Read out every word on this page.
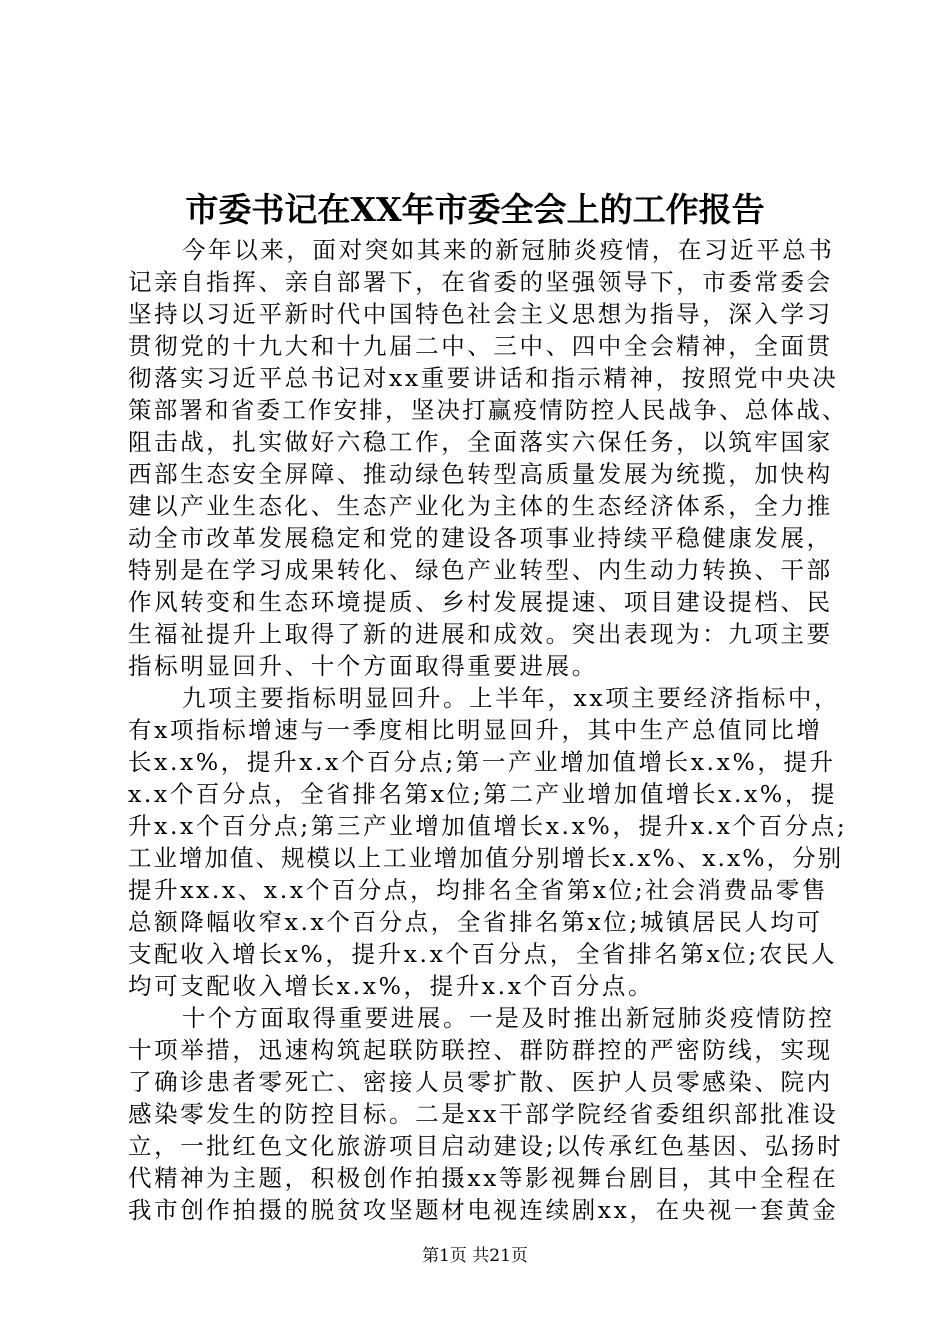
市委书记在XX年市委全会上的工作报告
今年以来，面对突如其来的新冠肺炎疫情，在习近平总书
记亲自指挥、亲自部署下，在省委的坚强领导下，市委常委会
坚持以习近平新时代中国特色社会主义思想为指导，深入学习
贯彻党的十九大和十九届二中、三中、四中全会精神，全面贯
彻落实习近平总书记对xx重要讲话和指示精神，按照党中央决
策部署和省委工作安排，坚决打赢疫情防控人民战争、总体战、
阻击战，扎实做好六稳工作，全面落实六保任务，以筑牢国家
西部生态安全屏障、推动绿色转型高质量发展为统揽，加快构
建以产业生态化、生态产业化为主体的生态经济体系，全力推
动全市改革发展稳定和党的建设各项事业持续平稳健康发展，
特别是在学习成果转化、绿色产业转型、内生动力转换、干部
作风转变和生态环境提质、乡村发展提速、项目建设提档、民
生福祉提升上取得了新的进展和成效。突出表现为：九项主要
指标明显回升、十个方面取得重要进展。
九项主要指标明显回升。上半年，xx项主要经济指标中，
有x项指标增速与一季度相比明显回升，其中生产总值同比增
长x.x%，提升x.x个百分点;第一产业增加值增长x.x%，提升
x.x个百分点，全省排名第x位;第二产业增加值增长x.x%，提
升x.x个百分点;第三产业增加值增长x.x%，提升x.x个百分点;
工业增加值、规模以上工业增加值分别增长x.x%、x.x%，分别
提升xx.x、x.x个百分点，均排名全省第x位;社会消费品零售
总额降幅收窄x.x个百分点，全省排名第x位;城镇居民人均可
支配收入增长x%，提升x.x个百分点，全省排名第x位;农民人
均可支配收入增长x.x%，提升x.x个百分点。
十个方面取得重要进展。一是及时推出新冠肺炎疫情防控
十项举措，迅速构筑起联防联控、群防群控的严密防线，实现
了确诊患者零死亡、密接人员零扩散、医护人员零感染、院内
感染零发生的防控目标。二是xx干部学院经省委组织部批准设
立，一批红色文化旅游项目启动建设;以传承红色基因、弘扬时
代精神为主题，积极创作拍摄xx等影视舞台剧目，其中全程在
我市创作拍摄的脱贫攻坚题材电视连续剧xx，在央视一套黄金
第1页 共21页
